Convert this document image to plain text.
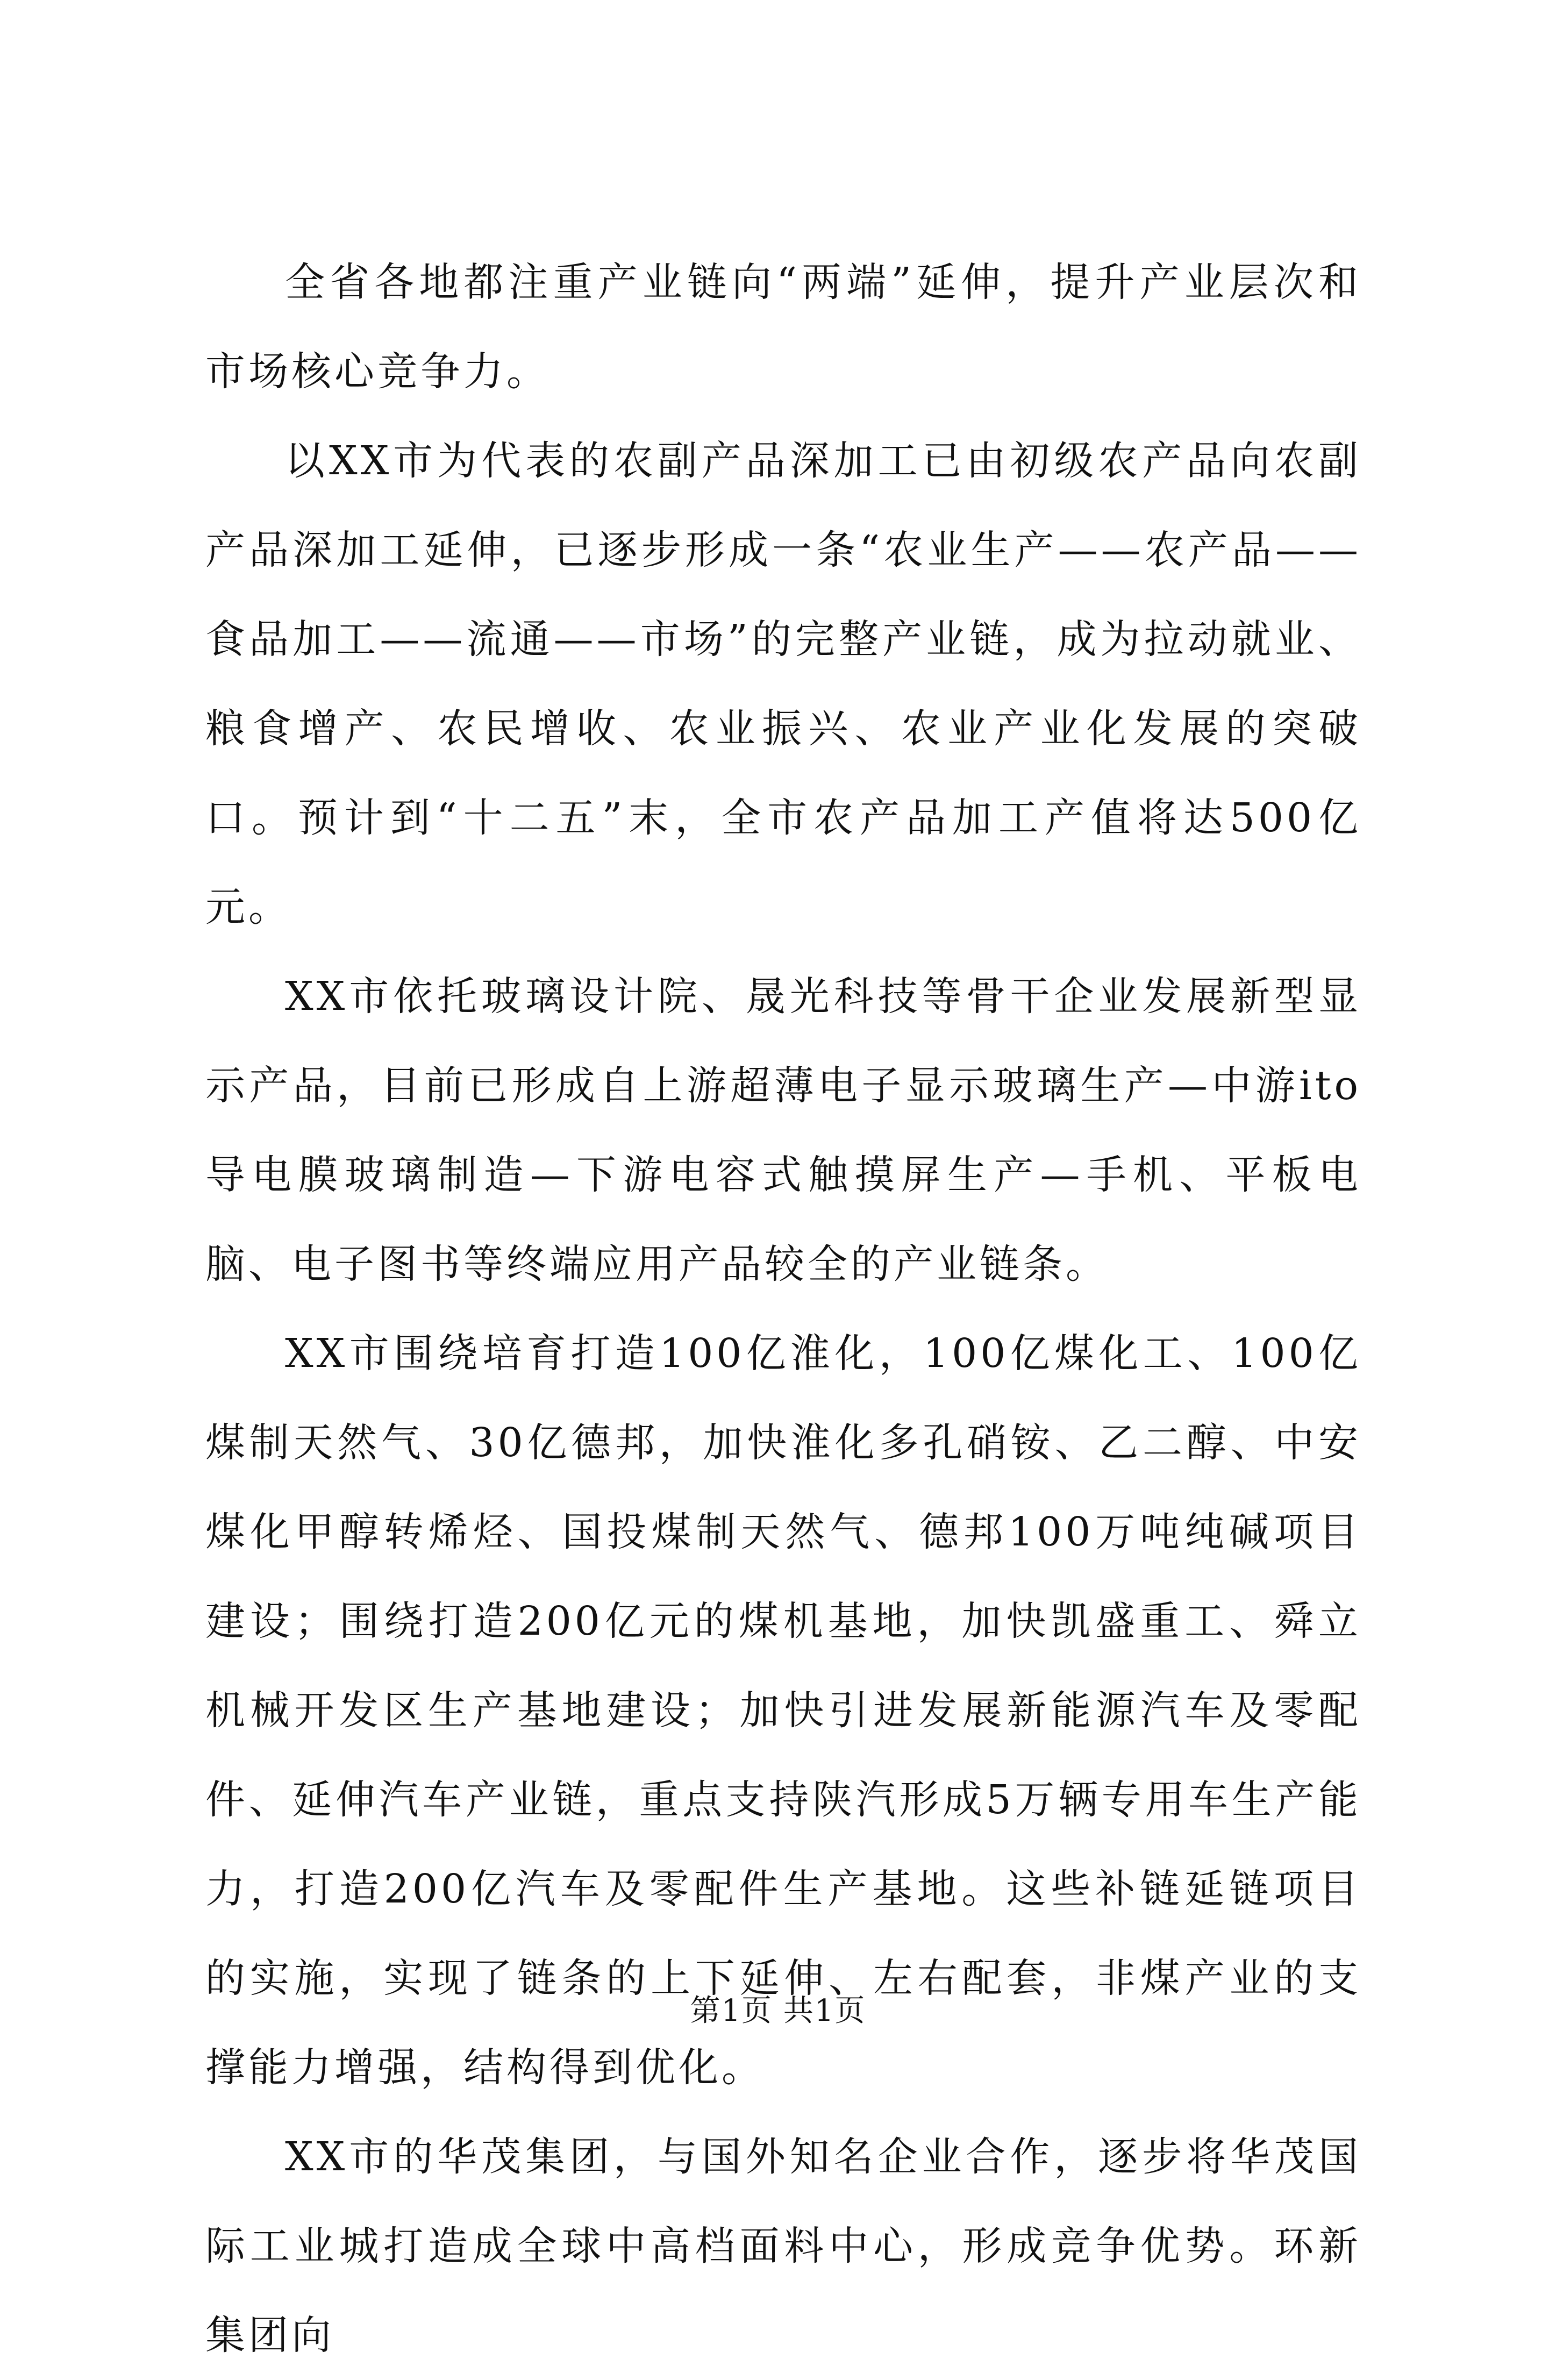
全省各地都注重产业链向“两端”延伸，提升产业层次和市场核心竞争力。

以XX市为代表的农副产品深加工已由初级农产品向农副产品深加工延伸，已逐步形成一条“农业生产——农产品——食品加工——流通——市场”的完整产业链，成为拉动就业、粮食增产、农民增收、农业振兴、农业产业化发展的突破口。预计到“十二五”末，全市农产品加工产值将达500亿元。

XX市依托玻璃设计院、晟光科技等骨干企业发展新型显示产品，目前已形成自上游超薄电子显示玻璃生产—中游ito导电膜玻璃制造—下游电容式触摸屏生产—手机、平板电脑、电子图书等终端应用产品较全的产业链条。

XX市围绕培育打造100亿淮化，100亿煤化工、100亿煤制天然气、30亿德邦，加快淮化多孔硝铵、乙二醇、中安煤化甲醇转烯烃、国投煤制天然气、德邦100万吨纯碱项目建设；围绕打造200亿元的煤机基地，加快凯盛重工、舜立机械开发区生产基地建设；加快引进发展新能源汽车及零配件、延伸汽车产业链，重点支持陕汽形成5万辆专用车生产能力，打造200亿汽车及零配件生产基地。这些补链延链项目的实施，实现了链条的上下延伸、左右配套，非煤产业的支撑能力增强，结构得到优化。

XX市的华茂集团，与国外知名企业合作，逐步将华茂国际工业城打造成全球中高档面料中心，形成竞争优势。环新集团向

第1页 共1页
